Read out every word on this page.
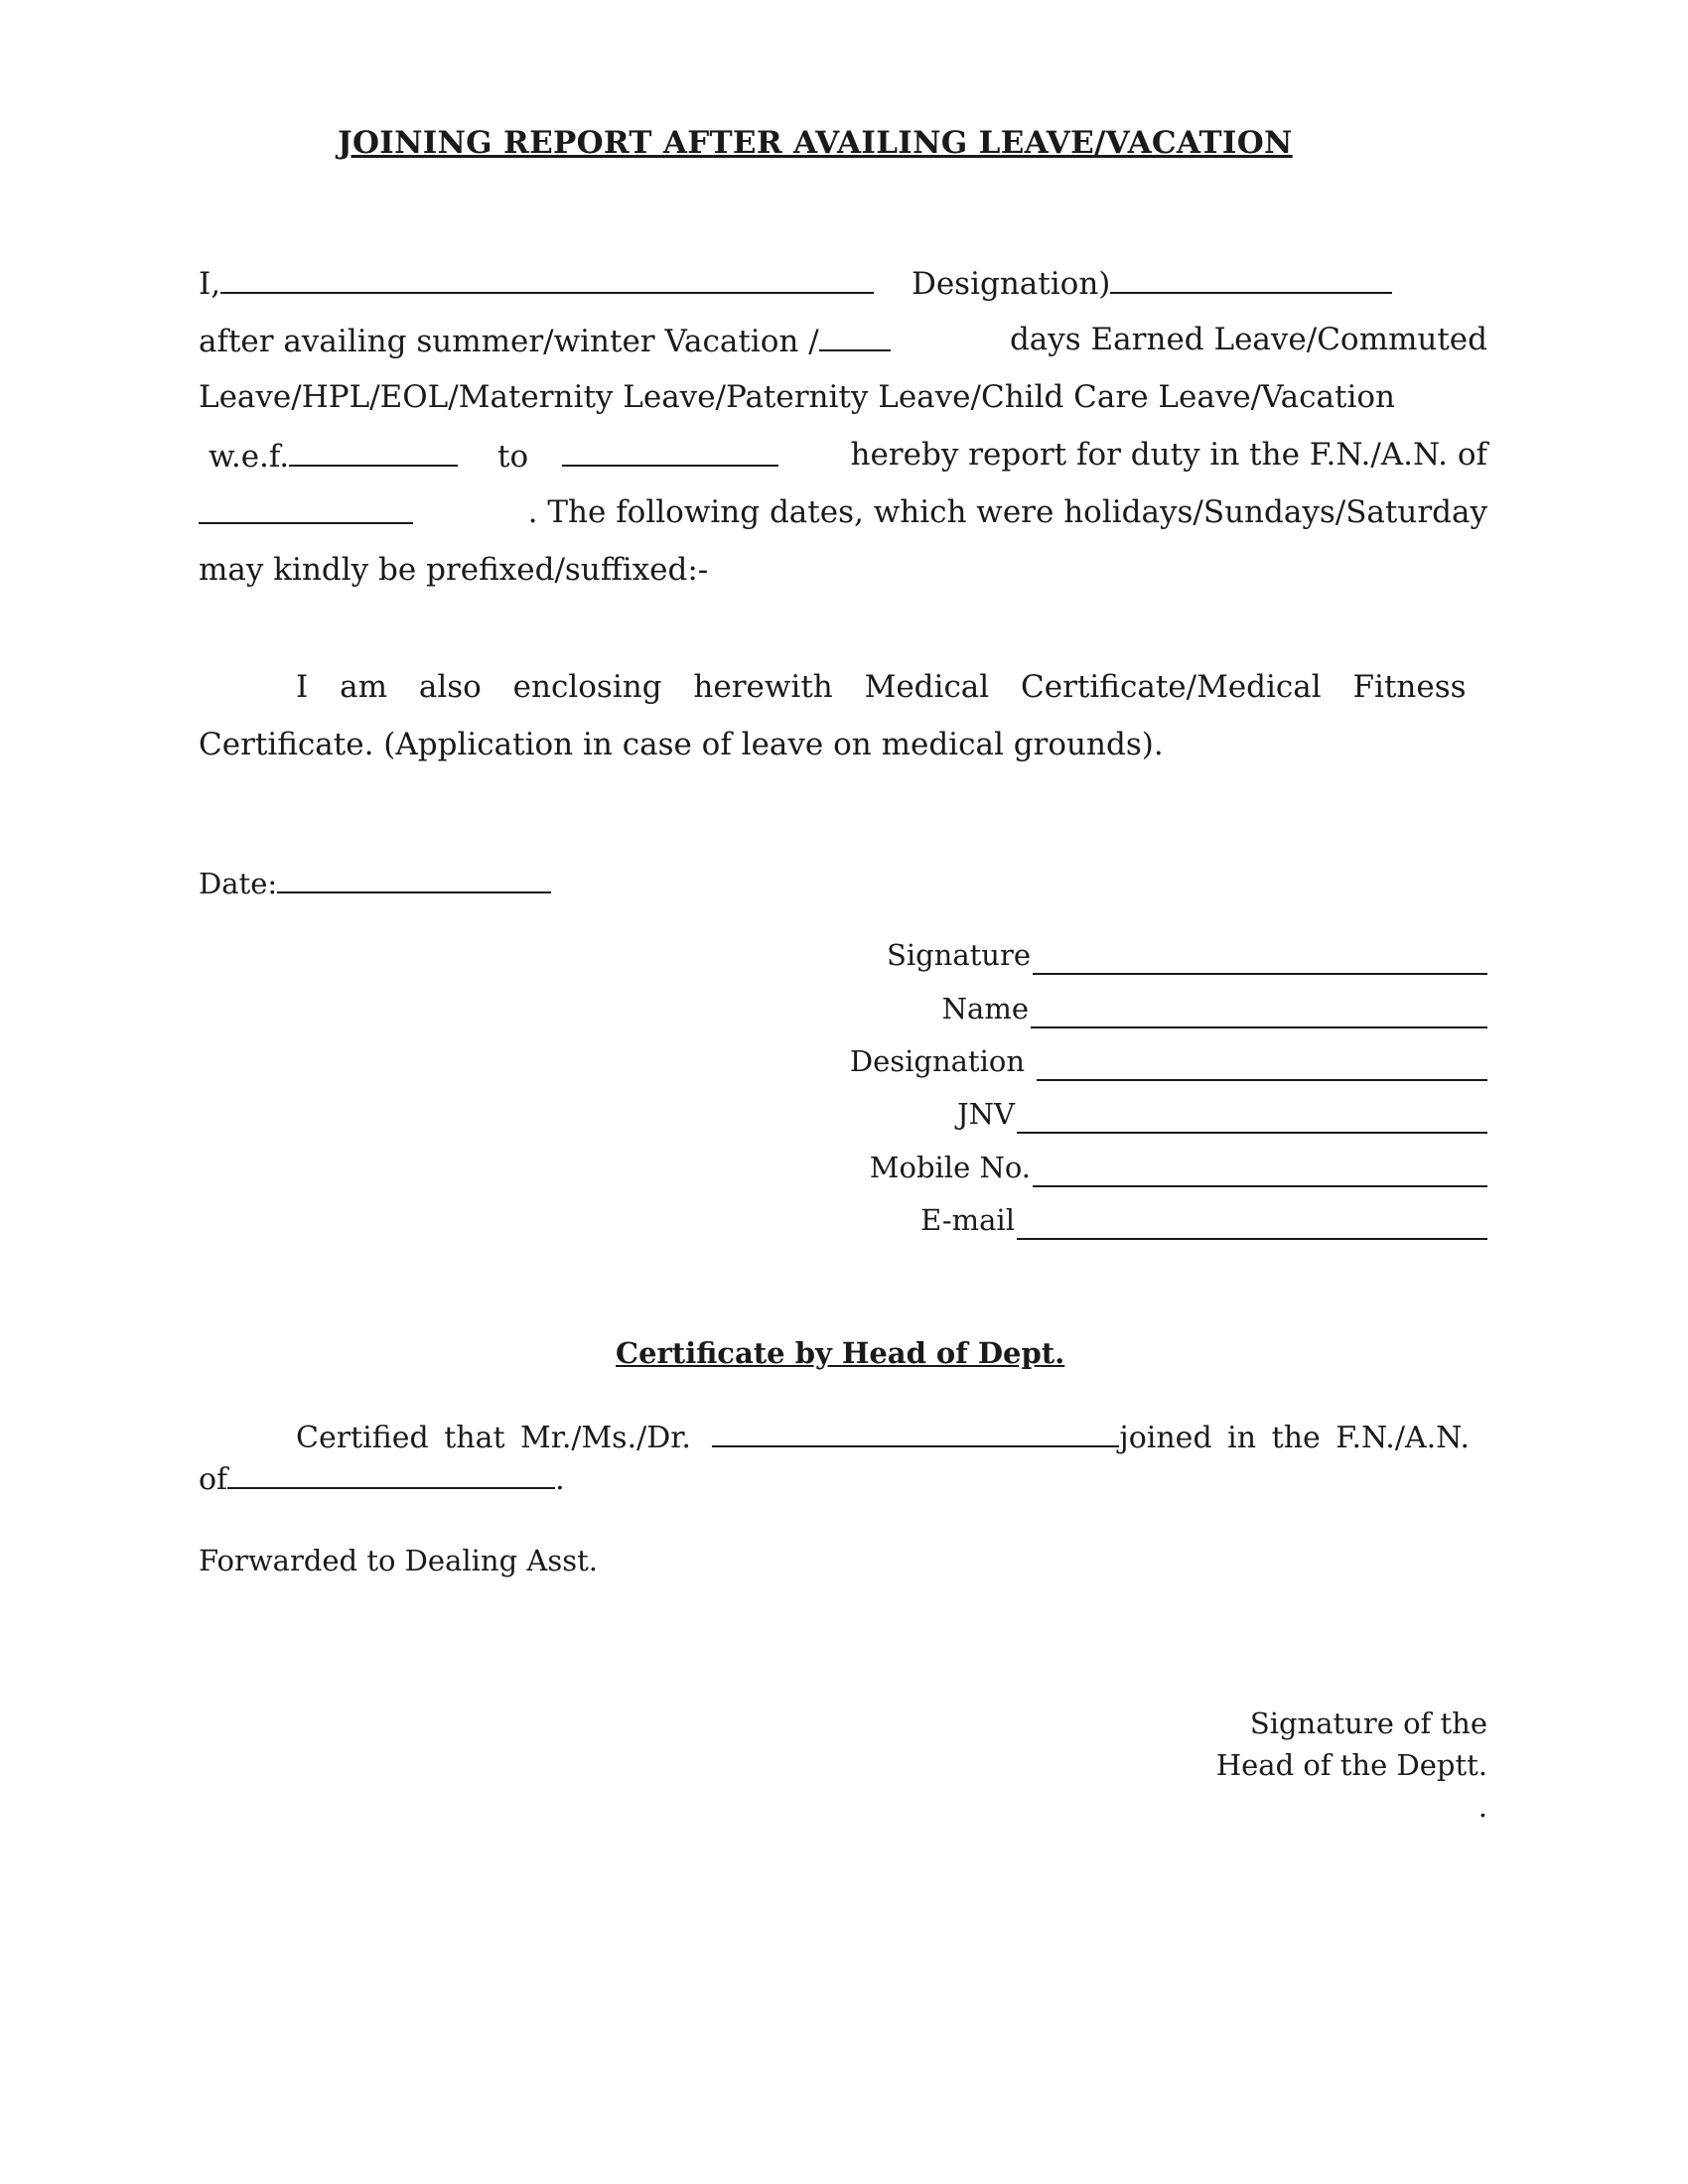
JOINING REPORT AFTER AVAILING LEAVE/VACATION
I,	Designation)
after availing summer/winter Vacation /	days Earned Leave/Commuted
Leave/HPL/EOL/Maternity Leave/Paternity Leave/Child Care Leave/Vacation
w.e.f.	to	hereby report for duty in the F.N./A.N. of
. The following dates, which were holidays/Sundays/Saturday
may kindly be prefixed/suffixed:-
I am also enclosing herewith Medical Certificate/Medical Fitness
Certificate. (Application in case of leave on medical grounds).
Date:
Signature
Name
Designation
JNV
Mobile No.
E-mail
Certificate by Head of Dept.
Certified that Mr./Ms./Dr.	joined in the F.N./A.N.
of	.
Forwarded to Dealing Asst.
Signature of the
Head of the Deptt.
.
